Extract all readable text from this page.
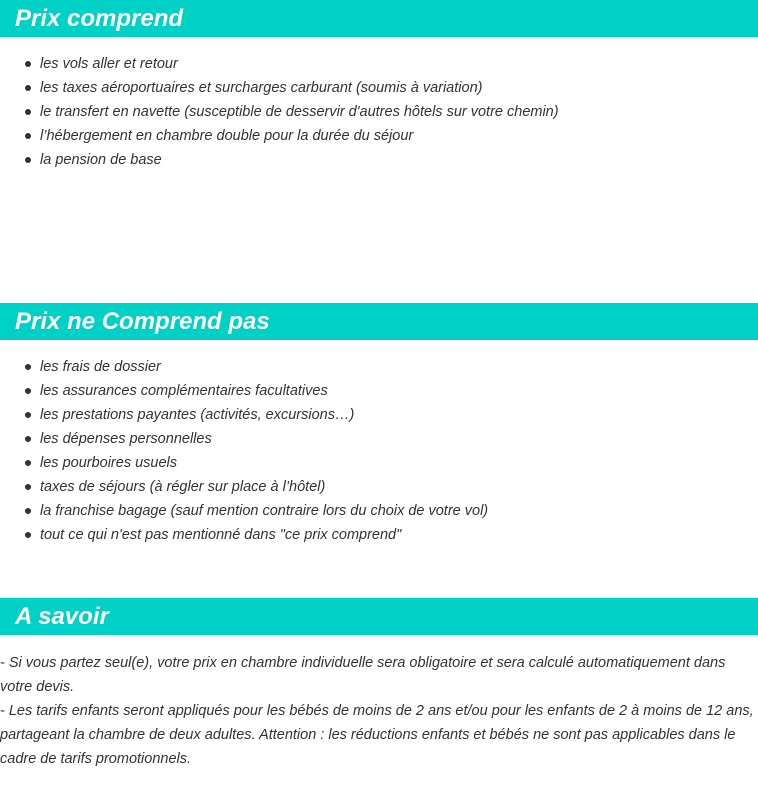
Prix comprend
les vols aller et retour
les taxes aéroportuaires et surcharges carburant (soumis à variation)
le transfert en navette (susceptible de desservir d'autres hôtels sur votre chemin)
l’hébergement en chambre double pour la durée du séjour
la pension de base
Prix ne Comprend pas
les frais de dossier
les assurances complémentaires facultatives
les prestations payantes (activités, excursions…)
les dépenses personnelles
les pourboires usuels
taxes de séjours (à régler sur place à l’hôtel)
la franchise bagage (sauf mention contraire lors du choix de votre vol)
tout ce qui n'est pas mentionné dans "ce prix comprend"
A savoir

- Si vous partez seul(e), votre prix en chambre individuelle sera obligatoire et sera calculé automatiquement dans votre devis.

- Les tarifs enfants seront appliqués pour les bébés de moins de 2 ans et/ou pour les enfants de 2 à moins de 12 ans, partageant la chambre de deux adultes. Attention : les réductions enfants et bébés ne sont pas applicables dans le cadre de tarifs promotionnels.
